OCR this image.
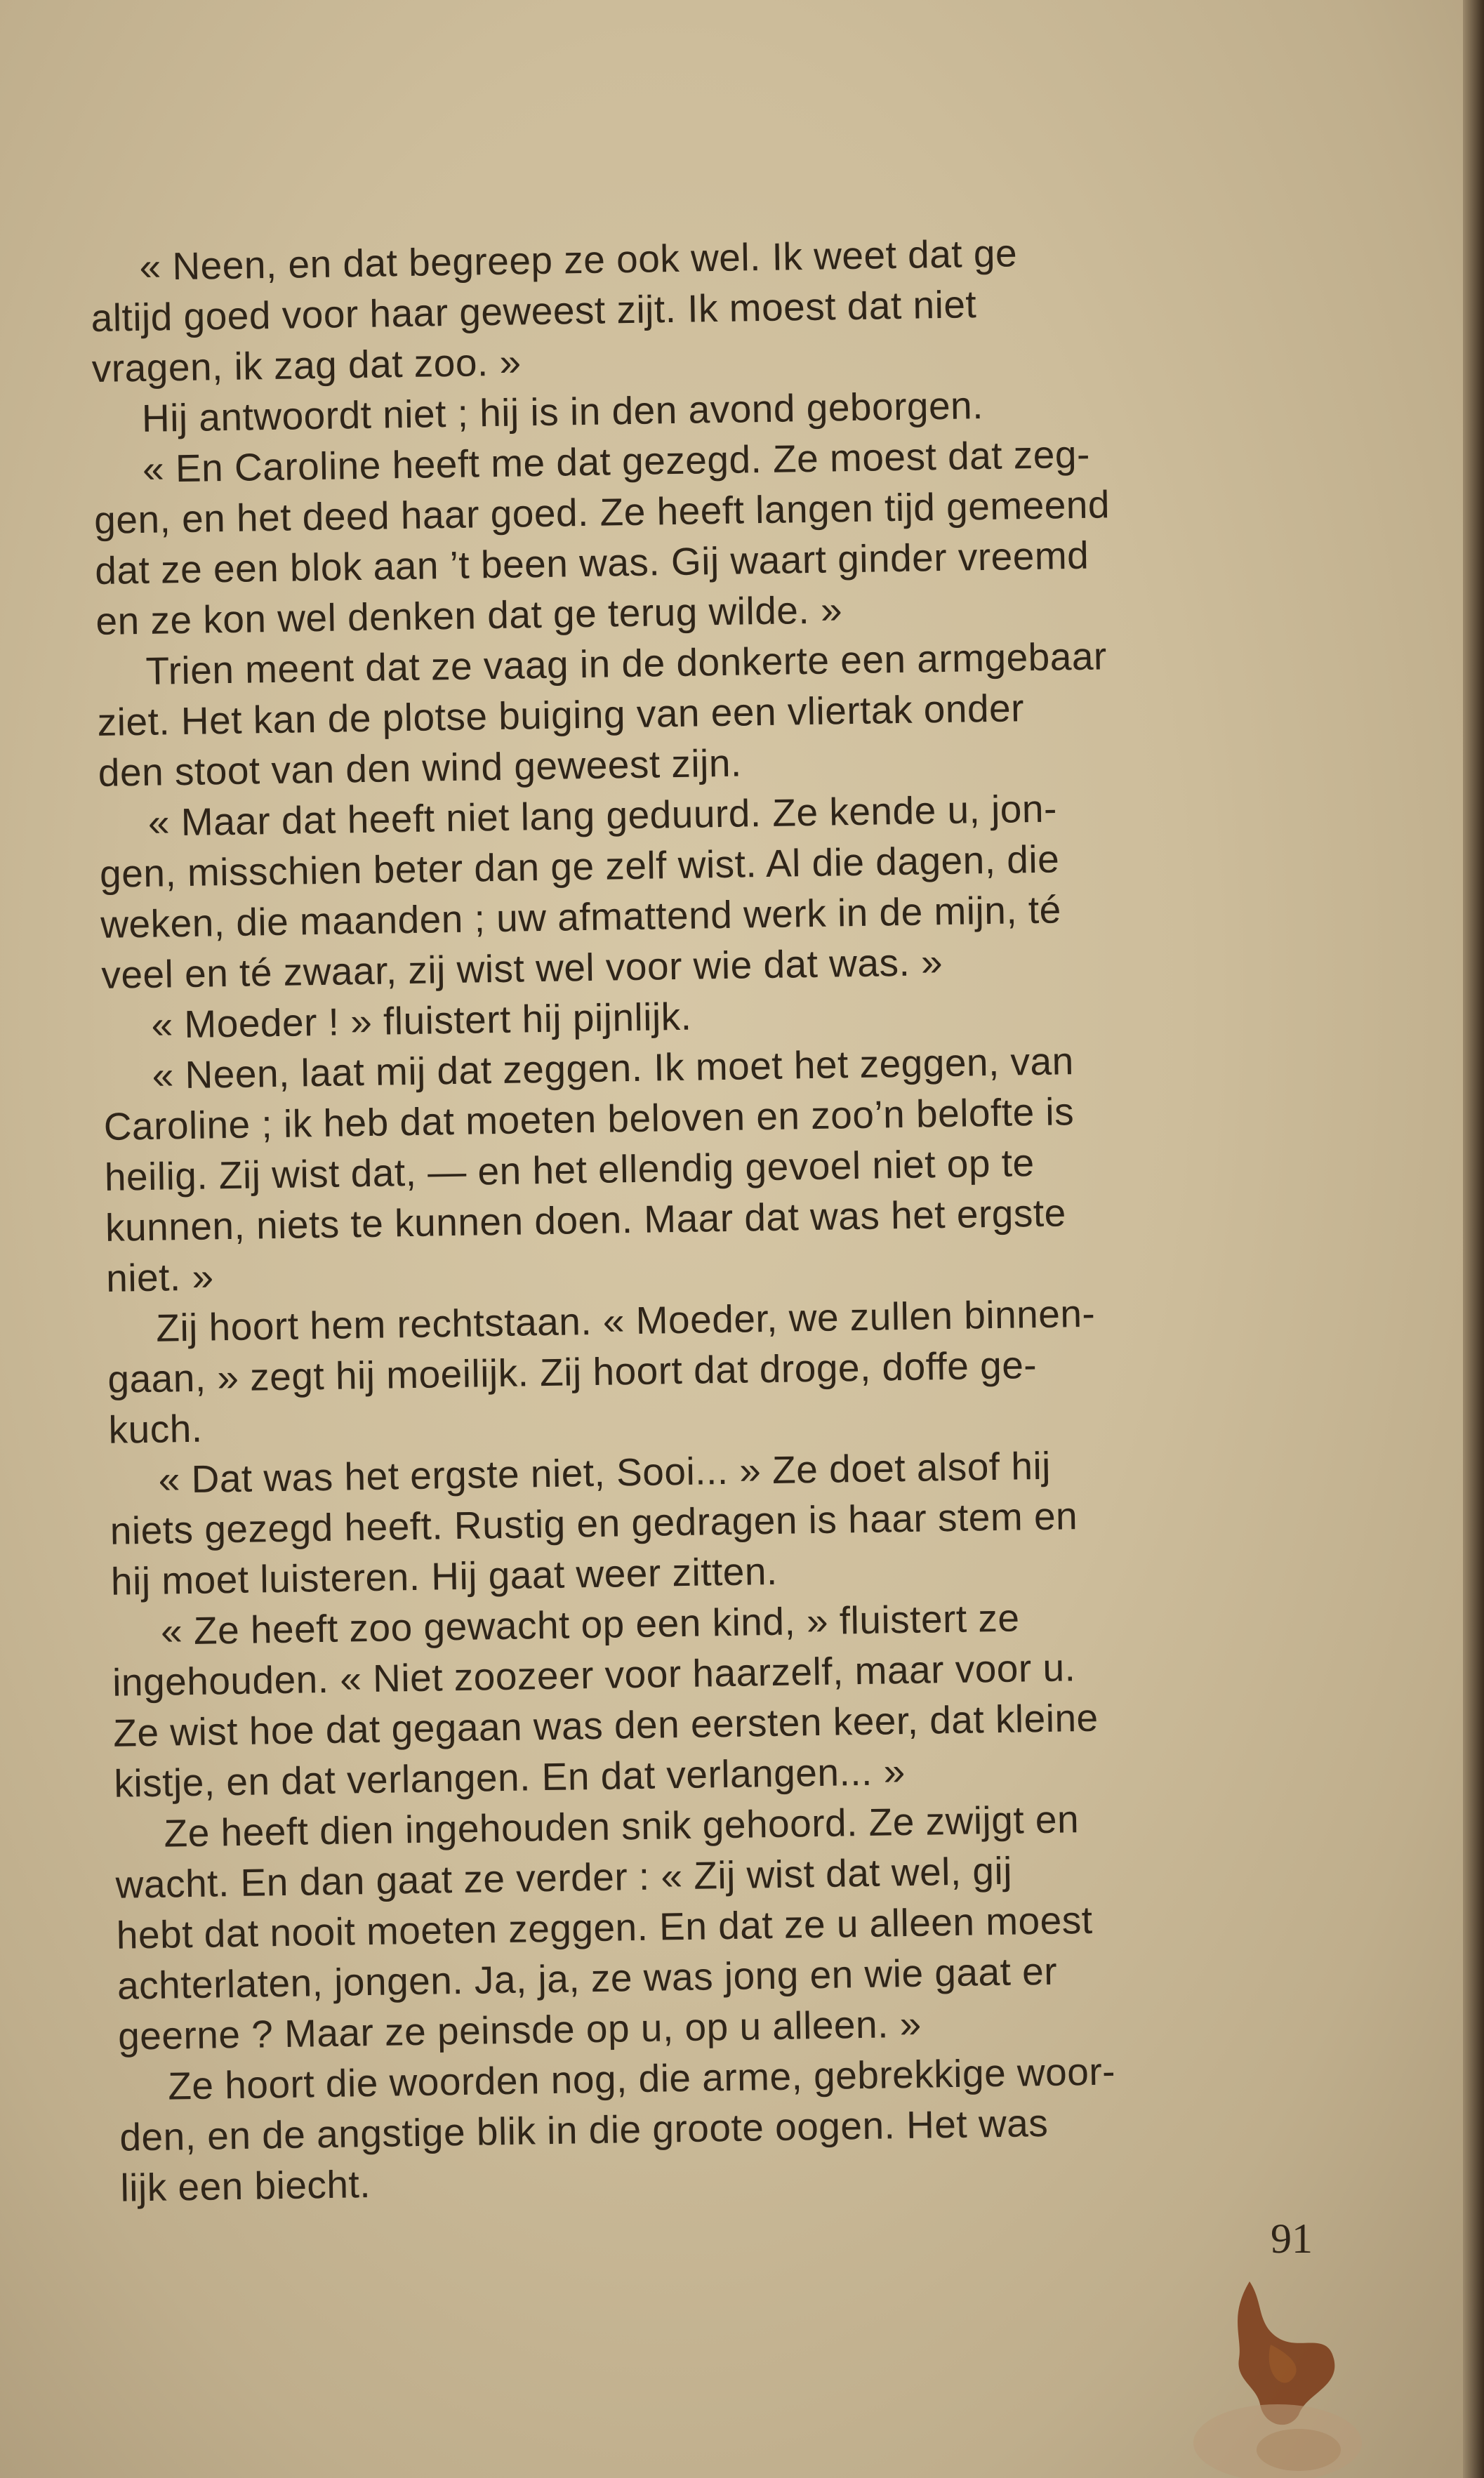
« Neen, en dat begreep ze ook wel. Ik weet dat ge
altijd goed voor haar geweest zijt. Ik moest dat niet
vragen, ik zag dat zoo. »
Hij antwoordt niet ; hij is in den avond geborgen.
« En Caroline heeft me dat gezegd. Ze moest dat zeg-
gen, en het deed haar goed. Ze heeft langen tijd gemeend
dat ze een blok aan ’t been was. Gij waart ginder vreemd
en ze kon wel denken dat ge terug wilde. »
Trien meent dat ze vaag in de donkerte een armgebaar
ziet. Het kan de plotse buiging van een vliertak onder
den stoot van den wind geweest zijn.
« Maar dat heeft niet lang geduurd. Ze kende u, jon-
gen, misschien beter dan ge zelf wist. Al die dagen, die
weken, die maanden ; uw afmattend werk in de mijn, té
veel en té zwaar, zij wist wel voor wie dat was. »
« Moeder ! » fluistert hij pijnlijk.
« Neen, laat mij dat zeggen. Ik moet het zeggen, van
Caroline ; ik heb dat moeten beloven en zoo’n belofte is
heilig. Zij wist dat, — en het ellendig gevoel niet op te
kunnen, niets te kunnen doen. Maar dat was het ergste
niet. »
Zij hoort hem rechtstaan. « Moeder, we zullen binnen-
gaan, » zegt hij moeilijk. Zij hoort dat droge, doffe ge-
kuch.
« Dat was het ergste niet, Sooi... » Ze doet alsof hij
niets gezegd heeft. Rustig en gedragen is haar stem en
hij moet luisteren. Hij gaat weer zitten.
« Ze heeft zoo gewacht op een kind, » fluistert ze
ingehouden. « Niet zoozeer voor haarzelf, maar voor u.
Ze wist hoe dat gegaan was den eersten keer, dat kleine
kistje, en dat verlangen. En dat verlangen... »
Ze heeft dien ingehouden snik gehoord. Ze zwijgt en
wacht. En dan gaat ze verder : « Zij wist dat wel, gij
hebt dat nooit moeten zeggen. En dat ze u alleen moest
achterlaten, jongen. Ja, ja, ze was jong en wie gaat er
geerne ? Maar ze peinsde op u, op u alleen. »
Ze hoort die woorden nog, die arme, gebrekkige woor-
den, en de angstige blik in die groote oogen. Het was
lijk een biecht.
91
